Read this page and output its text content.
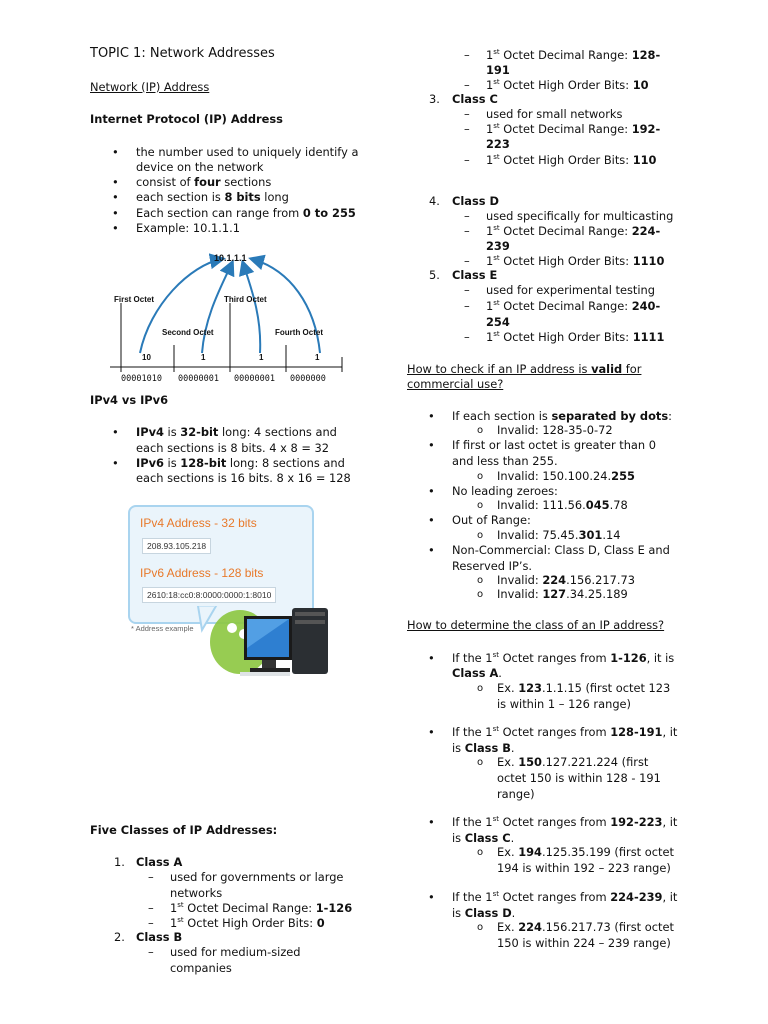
TOPIC 1: Network Addresses
Network (IP) Address
Internet Protocol (IP) Address
• the number used to uniquely identify a
device on the network
• consist of four sections
• each section is 8 bits long
• Each section can range from 0 to 255
• Example: 10.1.1.1
10.1.1.1
First Octet
Second Octet
Third Octet
Fourth Octet
10	1	1	1
00001010 00000001 00000001 0000000
IPv4 vs IPv6
• IPv4 is 32-bit long: 4 sections and
each sections is 8 bits. 4 x 8 = 32
• IPv6 is 128-bit long: 8 sections and
each sections is 16 bits. 8 x 16 = 128
IPv4 Address - 32 bits
208.93.105.218
IPv6 Address - 128 bits
2610:18:cc0:8:0000:0000:1:8010
* Address example
Five Classes of IP Addresses:
1. Class A
– used for governments or large
networks
– 1st Octet Decimal Range: 1-126
– 1st Octet High Order Bits: 0
2. Class B
– used for medium-sized
companies
– 1st Octet Decimal Range: 128-
191
– 1st Octet High Order Bits: 10
3. Class C
– used for small networks
– 1st Octet Decimal Range: 192-
223
– 1st Octet High Order Bits: 110
4. Class D
– used specifically for multicasting
– 1st Octet Decimal Range: 224-
239
– 1st Octet High Order Bits: 1110
5. Class E
– used for experimental testing
– 1st Octet Decimal Range: 240-
254
– 1st Octet High Order Bits: 1111
How to check if an IP address is valid for
commercial use?
• If each section is separated by dots:
o Invalid: 128-35-0-72
• If first or last octet is greater than 0
and less than 255.
o Invalid: 150.100.24.255
• No leading zeroes:
o Invalid: 111.56.045.78
• Out of Range:
o Invalid: 75.45.301.14
• Non-Commercial: Class D, Class E and
Reserved IP’s.
o Invalid: 224.156.217.73
o Invalid: 127.34.25.189
How to determine the class of an IP address?
• If the 1st Octet ranges from 1-126, it is
Class A.
o Ex. 123.1.1.15 (first octet 123
is within 1 – 126 range)
• If the 1st Octet ranges from 128-191, it
is Class B.
o Ex. 150.127.221.224 (first
octet 150 is within 128 - 191
range)
• If the 1st Octet ranges from 192-223, it
is Class C.
o Ex. 194.125.35.199 (first octet
194 is within 192 – 223 range)
• If the 1st Octet ranges from 224-239, it
is Class D.
o Ex. 224.156.217.73 (first octet
150 is within 224 – 239 range)
